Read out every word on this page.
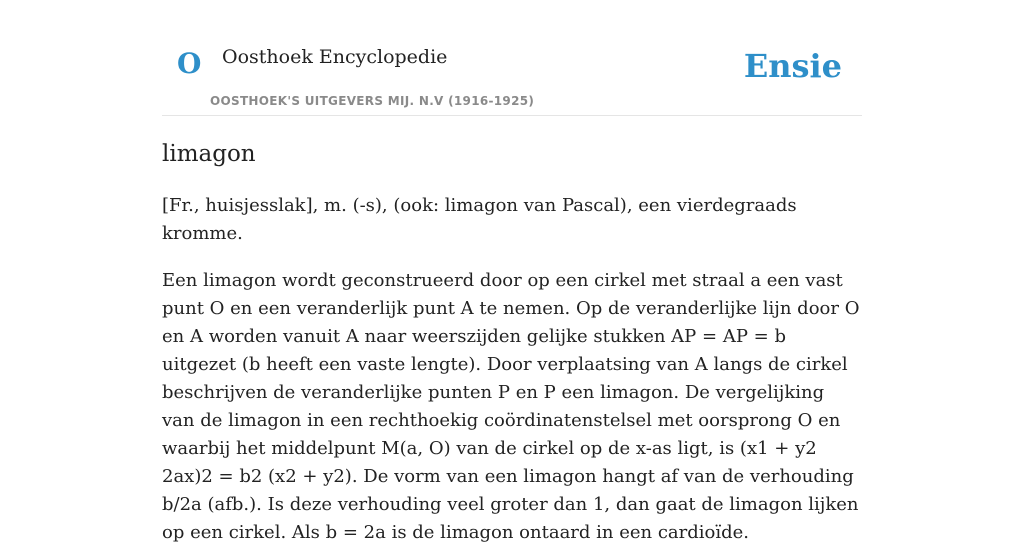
O Oosthoek Encyclopedie
OOSTHOEK'S UITGEVERS MIJ. N.V (1916-1925)
Ensie
limagon

[Fr., huisjesslak], m. (-s), (ook: limagon van Pascal), een vierdegraads kromme.

Een limagon wordt geconstrueerd door op een cirkel met straal a een vast punt O en een veranderlijk punt A te nemen. Op de veranderlijke lijn door O en A worden vanuit A naar weerszijden gelijke stukken AP = AP = b uitgezet (b heeft een vaste lengte). Door verplaatsing van A langs de cirkel beschrijven de veranderlijke punten P en P een limagon. De vergelijking van de limagon in een rechthoekig coördinatenstelsel met oorsprong O en waarbij het middelpunt M(a, O) van de cirkel op de x-as ligt, is (x1 + y2 2ax)2 = b2 (x2 + y2). De vorm van een limagon hangt af van de verhouding b/2a (afb.). Is deze verhouding veel groter dan 1, dan gaat de limagon lijken op een cirkel. Als b = 2a is de limagon ontaard in een cardioïde.
